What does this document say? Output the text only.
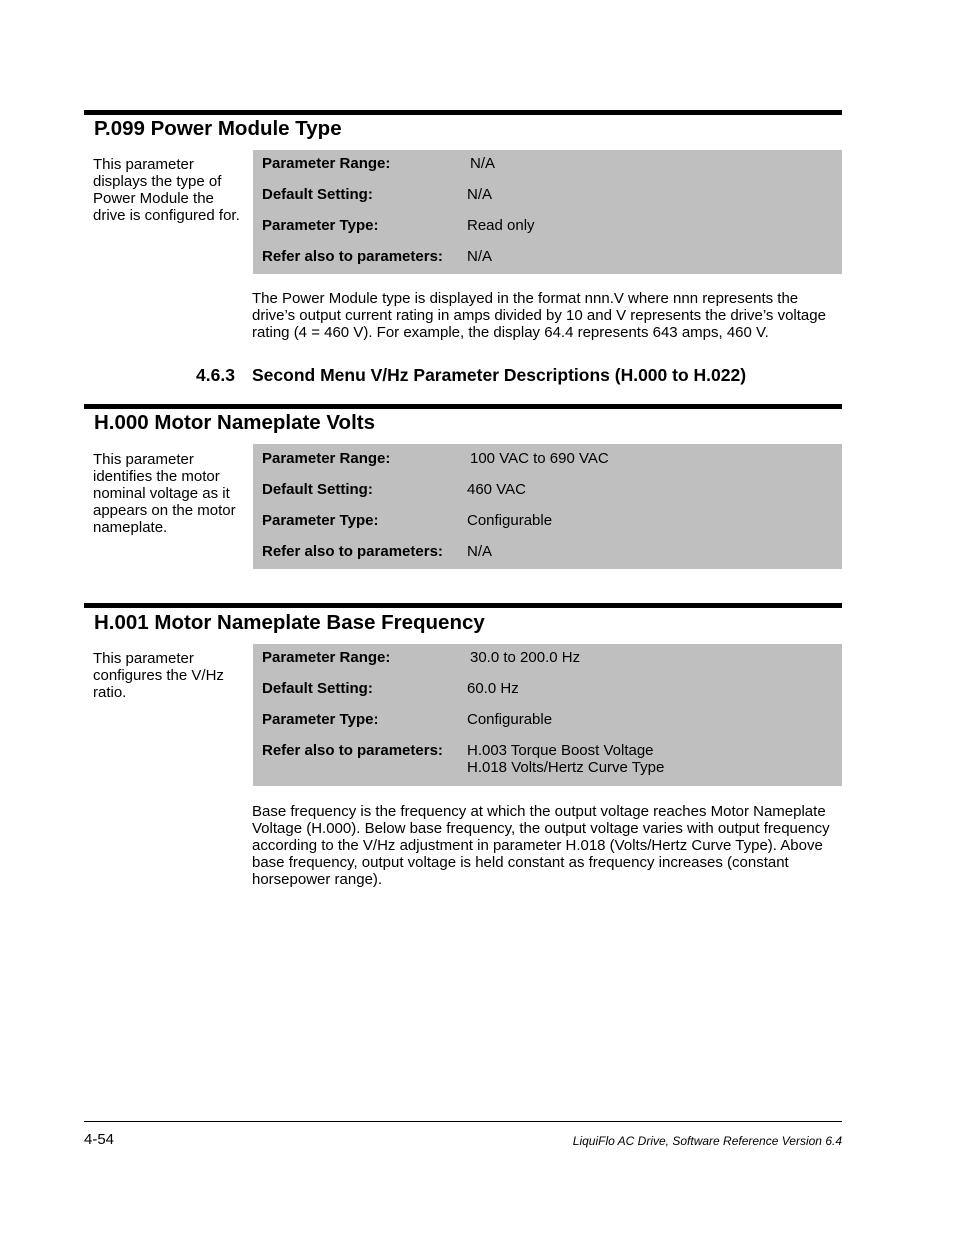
P.099 Power Module Type

This parameter displays the type of Power Module the drive is configured for.

Parameter Range:	N/A
Default Setting:	N/A
Parameter Type:	Read only
Refer also to parameters: N/A

The Power Module type is displayed in the format nnn.V where nnn represents the drive’s output current rating in amps divided by 10 and V represents the drive’s voltage rating (4 = 460 V). For example, the display 64.4 represents 643 amps, 460 V.

4.6.3 Second Menu V/Hz Parameter Descriptions (H.000 to H.022)
H.000 Motor Nameplate Volts

This parameter identifies the motor nominal voltage as it appears on the motor nameplate.

Parameter Range:	100 VAC to 690 VAC
Default Setting:	460 VAC
Parameter Type:	Configurable
Refer also to parameters: N/A
H.001 Motor Nameplate Base Frequency

This parameter configures the V/Hz ratio.

Parameter Range:	30.0 to 200.0 Hz
Default Setting:	60.0 Hz
Parameter Type:	Configurable
Refer also to parameters: H.003 Torque Boost Voltage
H.018 Volts/Hertz Curve Type

Base frequency is the frequency at which the output voltage reaches Motor Nameplate Voltage (H.000). Below base frequency, the output voltage varies with output frequency according to the V/Hz adjustment in parameter H.018 (Volts/Hertz Curve Type). Above base frequency, output voltage is held constant as frequency increases (constant horsepower range).

4-54	LiquiFlo AC Drive, Software Reference Version 6.4
